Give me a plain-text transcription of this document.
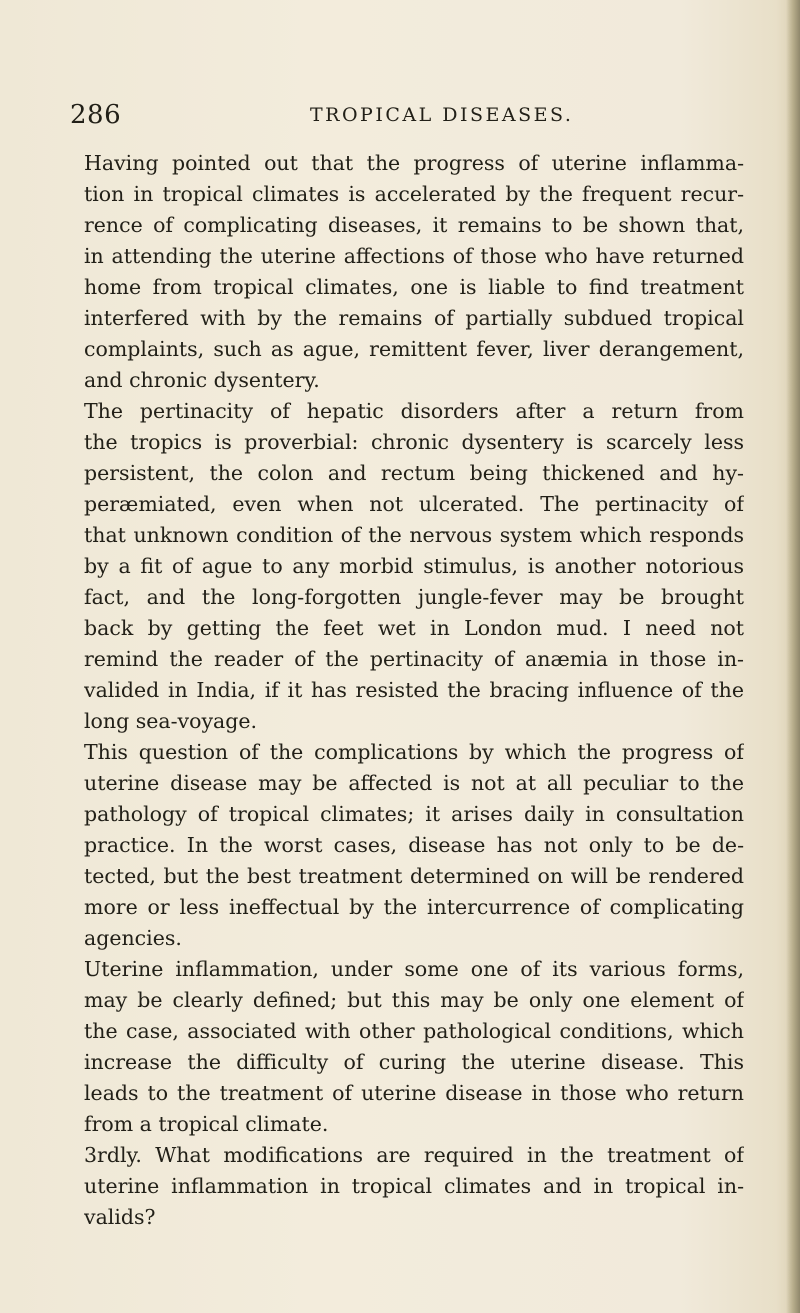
286	TROPICAL DISEASES.
Having pointed out that the progress of uterine inflamma-
tion in tropical climates is accelerated by the frequent recur-
rence of complicating diseases, it remains to be shown that,
in attending the uterine affections of those who have returned
home from tropical climates, one is liable to find treatment
interfered with by the remains of partially subdued tropical
complaints, such as ague, remittent fever, liver derangement,
and chronic dysentery.
The pertinacity of hepatic disorders after a return from
the tropics is proverbial: chronic dysentery is scarcely less
persistent, the colon and rectum being thickened and hy-
peræmiated, even when not ulcerated. The pertinacity of
that unknown condition of the nervous system which responds
by a fit of ague to any morbid stimulus, is another notorious
fact, and the long-forgotten jungle-fever may be brought
back by getting the feet wet in London mud. I need not
remind the reader of the pertinacity of anæmia in those in-
valided in India, if it has resisted the bracing influence of the
long sea-voyage.
This question of the complications by which the progress of
uterine disease may be affected is not at all peculiar to the
pathology of tropical climates; it arises daily in consultation
practice. In the worst cases, disease has not only to be de-
tected, but the best treatment determined on will be rendered
more or less ineffectual by the intercurrence of complicating
agencies.
Uterine inflammation, under some one of its various forms,
may be clearly defined; but this may be only one element of
the case, associated with other pathological conditions, which
increase the difficulty of curing the uterine disease. This
leads to the treatment of uterine disease in those who return
from a tropical climate.
3rdly. What modifications are required in the treatment of
uterine inflammation in tropical climates and in tropical in-
valids?
